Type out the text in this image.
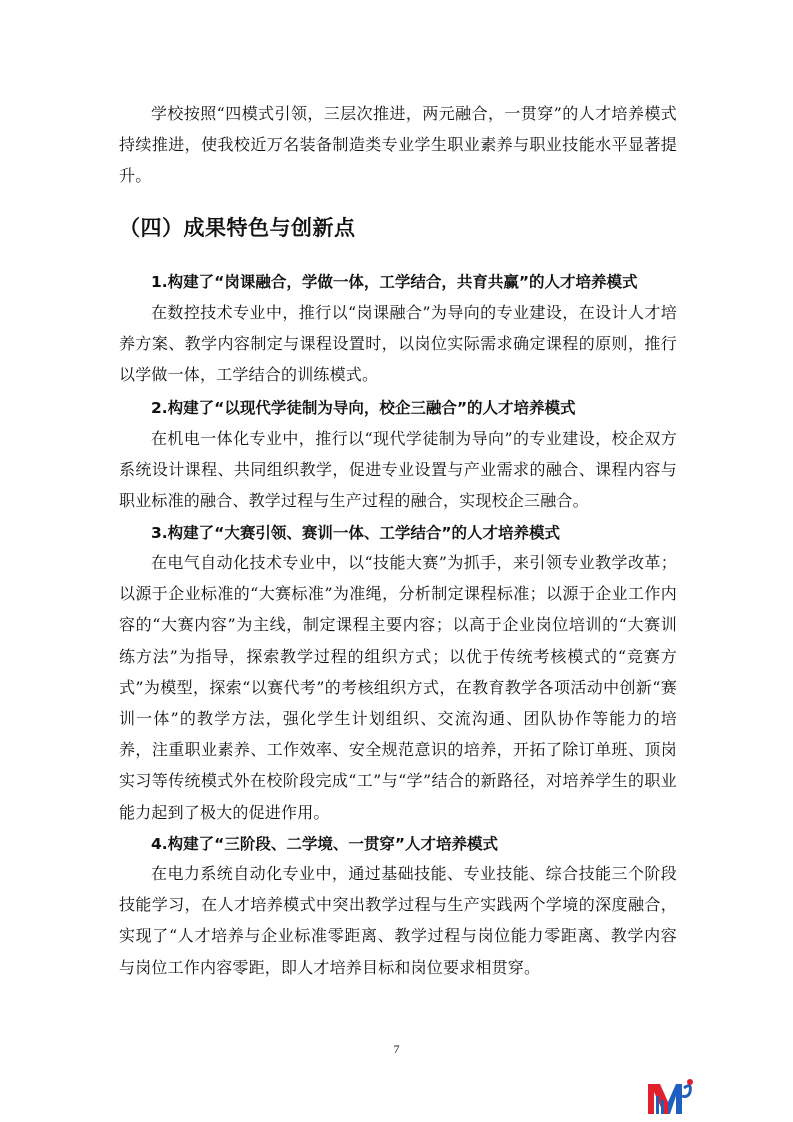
学校按照“四模式引领，三层次推进，两元融合，一贯穿”的人才培养模式持续推进，使我校近万名装备制造类专业学生职业素养与职业技能水平显著提升。

（四）成果特色与创新点
1.构建了“岗课融合，学做一体，工学结合，共育共赢”的人才培养模式

在数控技术专业中，推行以“岗课融合”为导向的专业建设，在设计人才培养方案、教学内容制定与课程设置时，以岗位实际需求确定课程的原则，推行以学做一体，工学结合的训练模式。

2.构建了“以现代学徒制为导向，校企三融合”的人才培养模式

在机电一体化专业中，推行以“现代学徒制为导向”的专业建设，校企双方系统设计课程、共同组织教学，促进专业设置与产业需求的融合、课程内容与职业标准的融合、教学过程与生产过程的融合，实现校企三融合。

3.构建了“大赛引领、赛训一体、工学结合”的人才培养模式

在电气自动化技术专业中，以“技能大赛”为抓手，来引领专业教学改革；以源于企业标准的“大赛标准”为准绳，分析制定课程标准；以源于企业工作内容的“大赛内容”为主线，制定课程主要内容；以高于企业岗位培训的“大赛训练方法”为指导，探索教学过程的组织方式；以优于传统考核模式的“竞赛方式”为模型，探索“以赛代考”的考核组织方式，在教育教学各项活动中创新“赛训一体”的教学方法，强化学生计划组织、交流沟通、团队协作等能力的培养，注重职业素养、工作效率、安全规范意识的培养，开拓了除订单班、顶岗实习等传统模式外在校阶段完成“工”与“学”结合的新路径，对培养学生的职业能力起到了极大的促进作用。

4.构建了“三阶段、二学境、一贯穿”人才培养模式

在电力系统自动化专业中，通过基础技能、专业技能、综合技能三个阶段技能学习，在人才培养模式中突出教学过程与生产实践两个学境的深度融合，实现了“人才培养与企业标准零距离、教学过程与岗位能力零距离、教学内容与岗位工作内容零距，即人才培养目标和岗位要求相贯穿。

7
